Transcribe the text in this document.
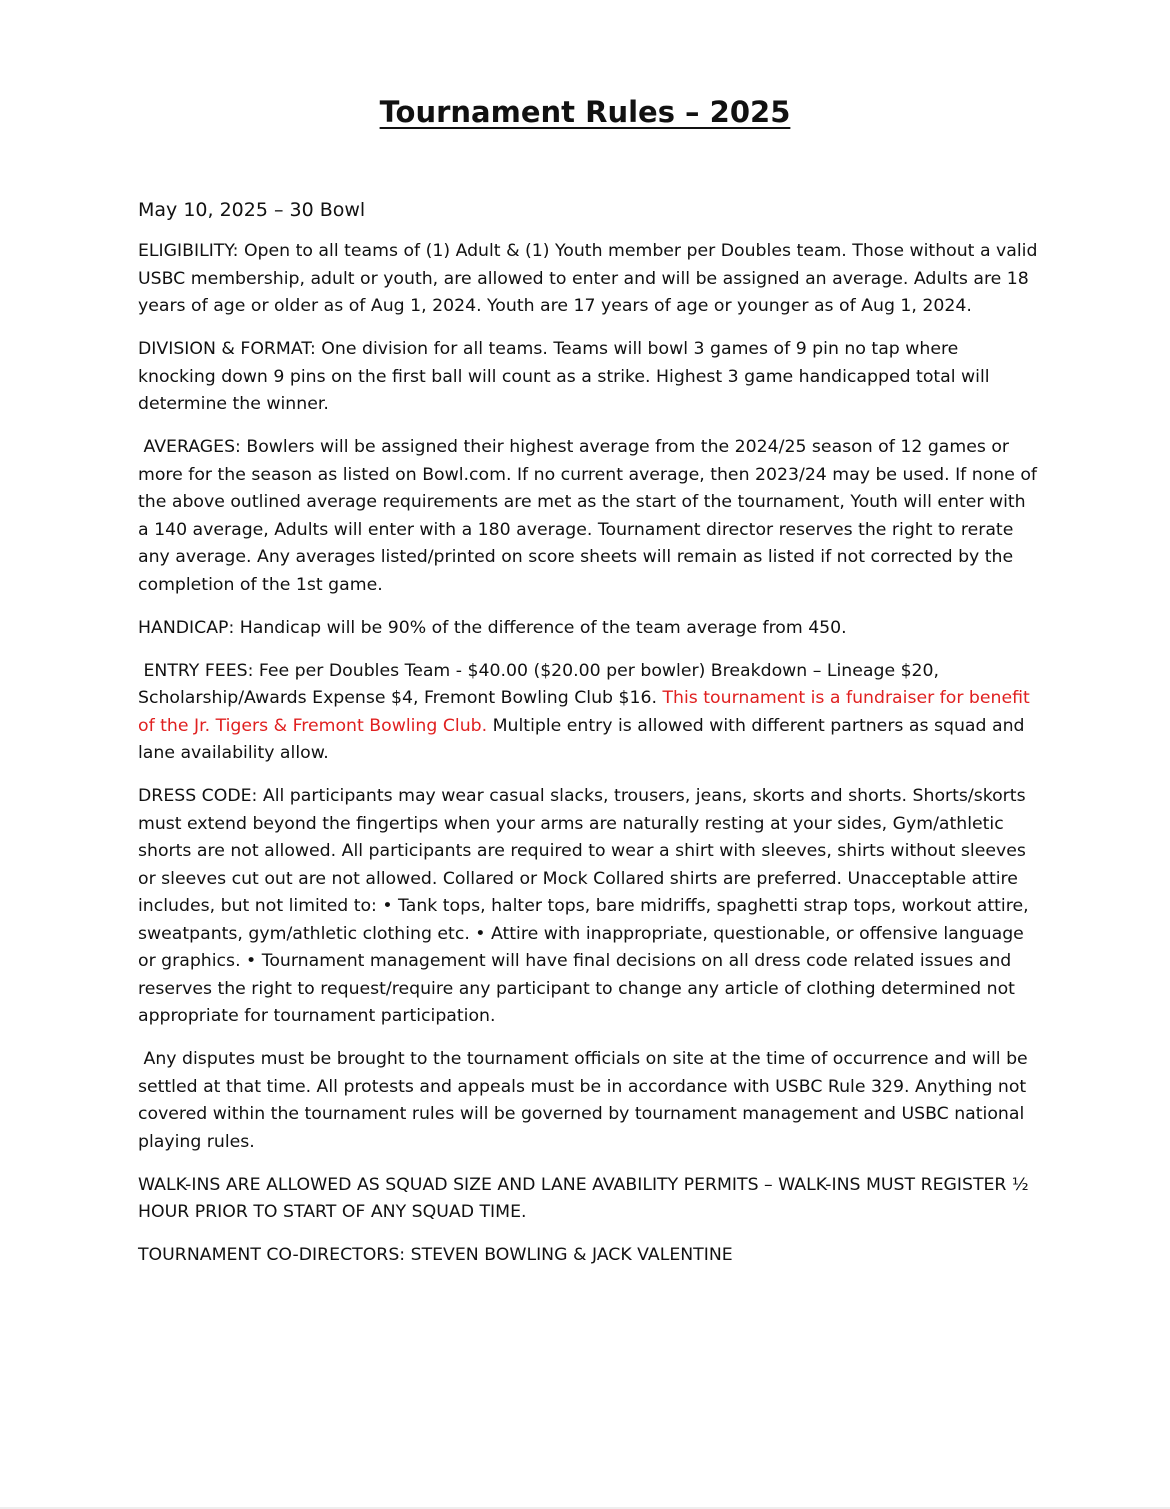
Tournament Rules – 2025

May 10, 2025 – 30 Bowl

ELIGIBILITY: Open to all teams of (1) Adult & (1) Youth member per Doubles team. Those without a valid USBC membership, adult or youth, are allowed to enter and will be assigned an average. Adults are 18 years of age or older as of Aug 1, 2024. Youth are 17 years of age or younger as of Aug 1, 2024.

DIVISION & FORMAT: One division for all teams. Teams will bowl 3 games of 9 pin no tap where knocking down 9 pins on the first ball will count as a strike. Highest 3 game handicapped total will determine the winner.

AVERAGES: Bowlers will be assigned their highest average from the 2024/25 season of 12 games or more for the season as listed on Bowl.com. If no current average, then 2023/24 may be used. If none of the above outlined average requirements are met as the start of the tournament, Youth will enter with a 140 average, Adults will enter with a 180 average. Tournament director reserves the right to rerate any average. Any averages listed/printed on score sheets will remain as listed if not corrected by the completion of the 1st game.

HANDICAP: Handicap will be 90% of the difference of the team average from 450.

ENTRY FEES: Fee per Doubles Team - $40.00 ($20.00 per bowler) Breakdown – Lineage $20, Scholarship/Awards Expense $4, Fremont Bowling Club $16. This tournament is a fundraiser for benefit of the Jr. Tigers & Fremont Bowling Club. Multiple entry is allowed with different partners as squad and lane availability allow.

DRESS CODE: All participants may wear casual slacks, trousers, jeans, skorts and shorts. Shorts/skorts must extend beyond the fingertips when your arms are naturally resting at your sides, Gym/athletic shorts are not allowed. All participants are required to wear a shirt with sleeves, shirts without sleeves or sleeves cut out are not allowed. Collared or Mock Collared shirts are preferred. Unacceptable attire includes, but not limited to: • Tank tops, halter tops, bare midriffs, spaghetti strap tops, workout attire, sweatpants, gym/athletic clothing etc. • Attire with inappropriate, questionable, or offensive language or graphics. • Tournament management will have final decisions on all dress code related issues and reserves the right to request/require any participant to change any article of clothing determined not appropriate for tournament participation.

Any disputes must be brought to the tournament officials on site at the time of occurrence and will be settled at that time. All protests and appeals must be in accordance with USBC Rule 329. Anything not covered within the tournament rules will be governed by tournament management and USBC national playing rules.

WALK-INS ARE ALLOWED AS SQUAD SIZE AND LANE AVABILITY PERMITS – WALK-INS MUST REGISTER ½ HOUR PRIOR TO START OF ANY SQUAD TIME.

TOURNAMENT CO-DIRECTORS: STEVEN BOWLING & JACK VALENTINE
